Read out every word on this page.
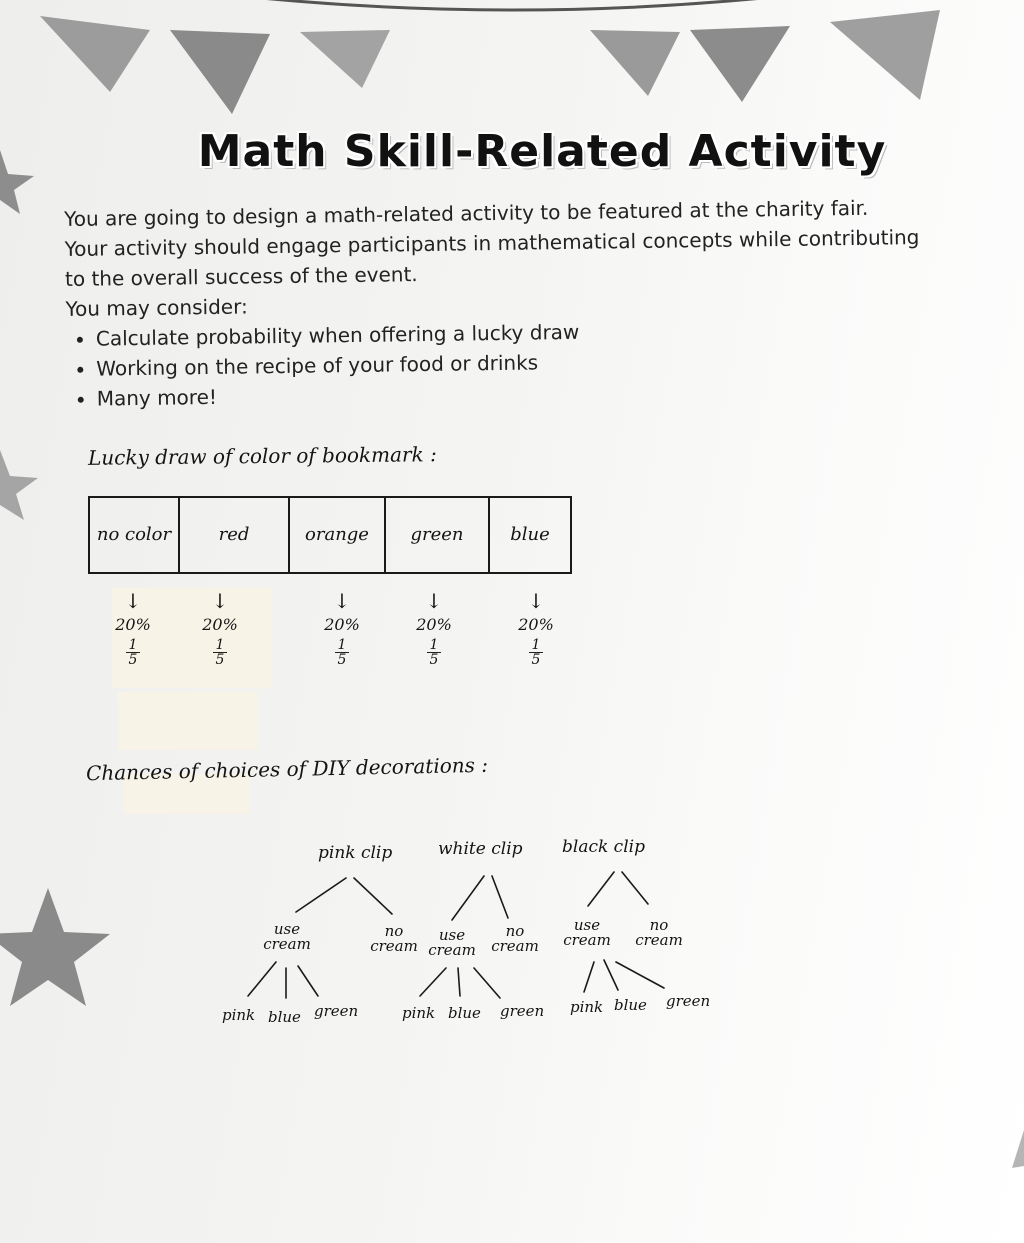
Math Skill-Related Activity

You are going to design a math-related activity to be featured at the charity fair.

Your activity should engage participants in mathematical concepts while contributing

to the overall success of the event.

You may consider:

• Calculate probability when offering a lucky draw
• Working on the recipe of your food or drinks
• Many more!
Lucky draw of color of bookmark :
no color	red	orange	green	blue
↓
20%
$\frac{1}{5}$
↓
20%
$\frac{1}{5}$
↓
20%
$\frac{1}{5}$
↓
20%
$\frac{1}{5}$
↓
20%
$\frac{1}{5}$
Chances of choices of DIY decorations :
pink clip
use cream
no cream
pink blue green
white clip
use cream
no cream
pink blue green
black clip
use cream
no cream
pink blue green
